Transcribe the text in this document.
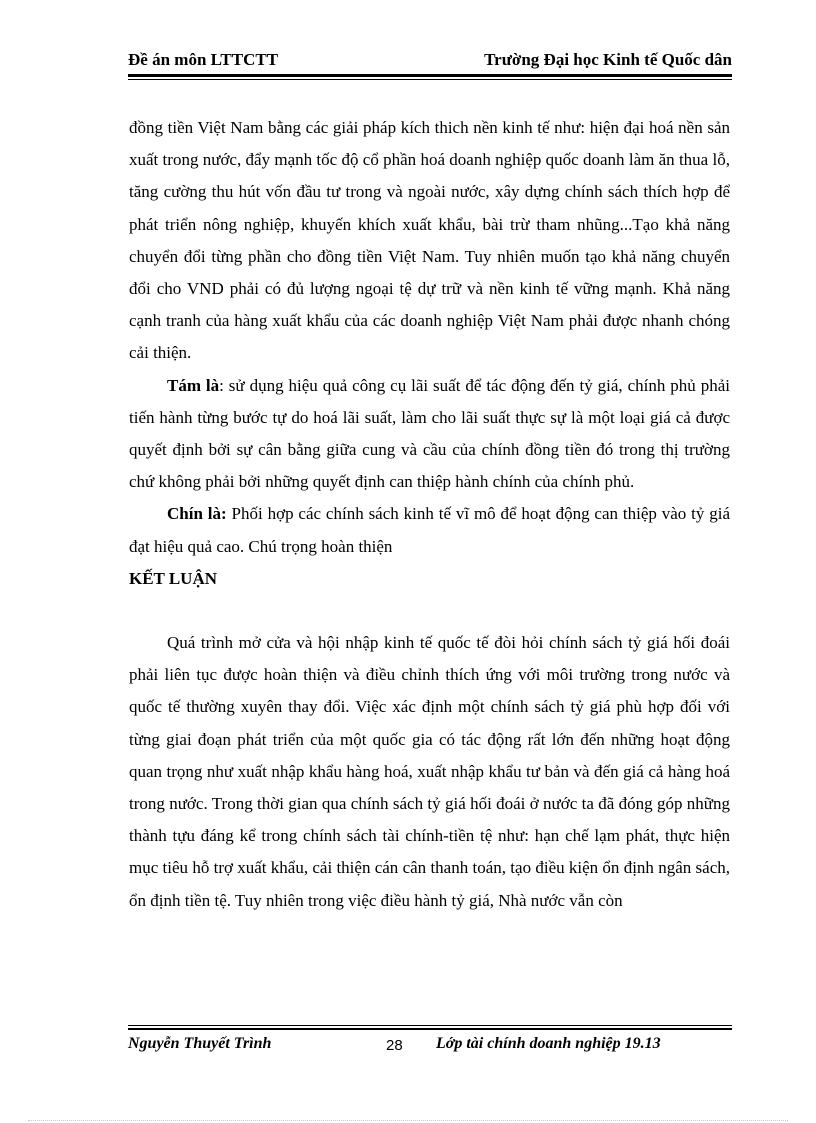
Đề án môn LTTCTT	Trường Đại học Kinh tế Quốc dân

đồng tiền Việt Nam bằng các giải pháp kích thich nền kinh tế như: hiện đại hoá nền sản xuất trong nước, đẩy mạnh tốc độ cổ phần hoá doanh nghiệp quốc doanh làm ăn thua lỗ, tăng cường thu hút vốn đầu tư trong và ngoài nước, xây dựng chính sách thích hợp để phát triển nông nghiệp, khuyến khích xuất khẩu, bài trừ tham nhũng...Tạo khả năng chuyển đổi từng phần cho đồng tiền Việt Nam. Tuy nhiên muốn tạo khả năng chuyển đổi cho VND phải có đủ lượng ngoại tệ dự trữ và nền kinh tế vững mạnh. Khả năng cạnh tranh của hàng xuất khẩu của các doanh nghiệp Việt Nam phải được nhanh chóng cải thiện.

Tám là: sử dụng hiệu quả công cụ lãi suất để tác động đến tỷ giá, chính phủ phải tiến hành từng bước tự do hoá lãi suất, làm cho lãi suất thực sự là một loại giá cả được quyết định bởi sự cân bằng giữa cung và cầu của chính đồng tiền đó trong thị trường chứ không phải bởi những quyết định can thiệp hành chính của chính phủ.

Chín là: Phối hợp các chính sách kinh tế vĩ mô để hoạt động can thiệp vào tỷ giá đạt hiệu quả cao. Chú trọng hoàn thiện

KẾT LUẬN

Quá trình mở cửa và hội nhập kinh tế quốc tế đòi hỏi chính sách tỷ giá hối đoái phải liên tục được hoàn thiện và điều chỉnh thích ứng với môi trường trong nước và quốc tế thường xuyên thay đổi. Việc xác định một chính sách tỷ giá phù hợp đối với từng giai đoạn phát triển của một quốc gia có tác động rất lớn đến những hoạt động quan trọng như xuất nhập khẩu hàng hoá, xuất nhập khẩu tư bản và đến giá cả hàng hoá trong nước. Trong thời gian qua chính sách tỷ giá hối đoái ở nước ta đã đóng góp những thành tựu đáng kể trong chính sách tài chính-tiền tệ như: hạn chế lạm phát, thực hiện mục tiêu hỗ trợ xuất khẩu, cải thiện cán cân thanh toán, tạo điều kiện ổn định ngân sách, ổn định tiền tệ. Tuy nhiên trong việc điều hành tỷ giá, Nhà nước vẫn còn

Nguyễn Thuyết Trình	28 Lớp tài chính doanh nghiệp 19.13
